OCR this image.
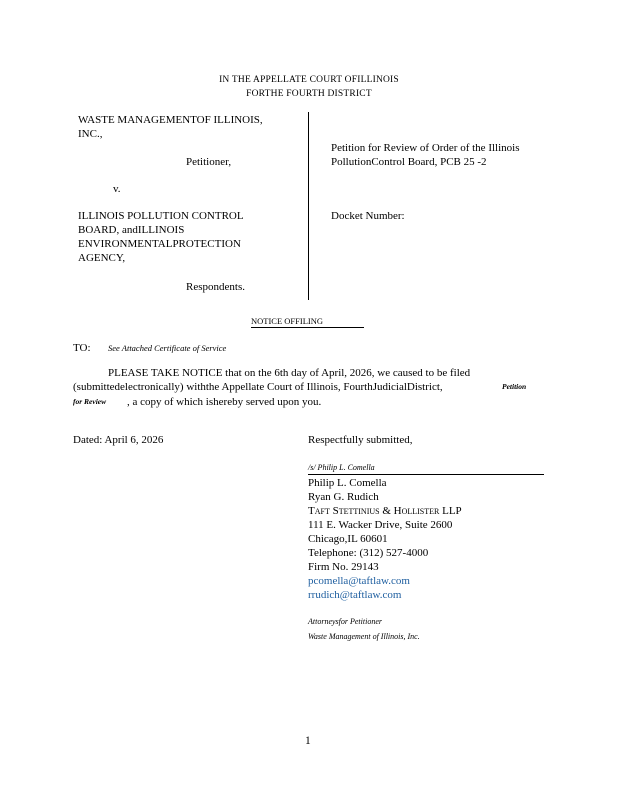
IN THE APPELLATE COURT OFILLINOIS
FORTHE FOURTH DISTRICT
WASTE MANAGEMENTOF ILLINOIS,
INC.,
Petitioner,
v.
ILLINOIS POLLUTION CONTROL
BOARD, andILLINOIS
ENVIRONMENTALPROTECTION
AGENCY,
Respondents.
Petition for Review of Order of the Illinois
PollutionControl Board, PCB 25 -2
Docket Number:
NOTICE OFFILING
TO: See Attached Certificate of Service
PLEASE TAKE NOTICE that on the 6th day of April, 2026, we caused to be filed
(submittedelectronically) withthe Appellate Court of Illinois, FourthJudicialDistrict,	Petition
for Review , a copy of which ishereby served upon you.
Dated: April 6, 2026	Respectfully submitted,
/s/ Philip L. Comella
Philip L. Comella
Ryan G. Rudich
Taft Stettinius & Hollister LLP
111 E. Wacker Drive, Suite 2600
Chicago,IL 60601
Telephone: (312) 527-4000
Firm No. 29143
pcomella@taftlaw.com
rrudich@taftlaw.com
Attorneysfor Petitioner
Waste Management of Illinois, Inc.
1
